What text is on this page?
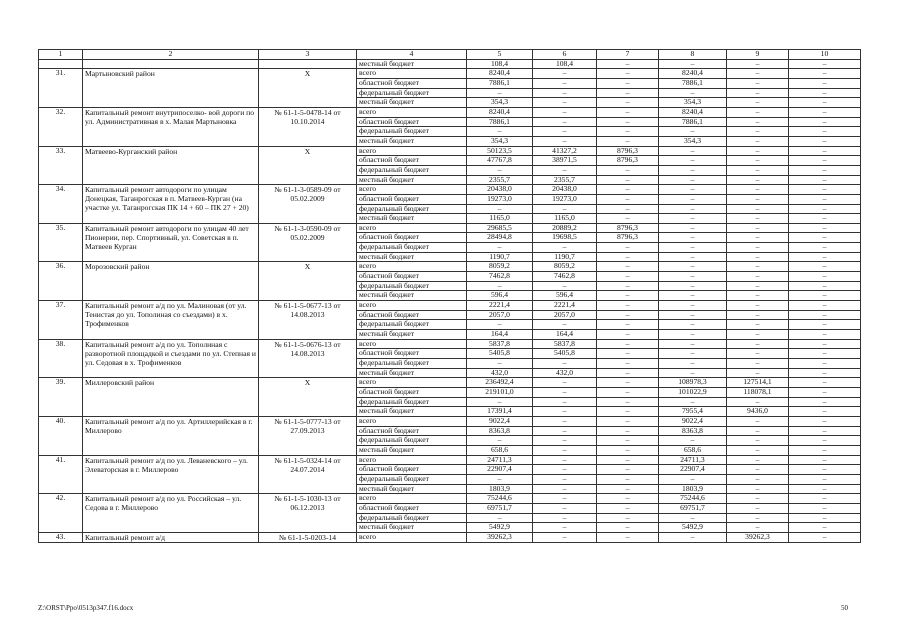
1	2	3	4	5	6	7	8	9	10
			местный бюджет	108,4	108,4	–	–	–	–
31.	Мартыновский район	X	всего	8240,4	–	–	8240,4	–	–
			областной бюджет	7886,1	–	–	7886,1	–	–
			федеральный бюджет	–	–	–	–	–	–
			местный бюджет	354,3	–	–	354,3	–	–
32.	Капитальный ремонт внутрипоселко- вой дороги по ул. Административная в х. Малая Мартыновка	№ 61-1-5-0478-14 от 10.10.2014	всего	8240,4	–	–	8240,4	–	–
			областной бюджет	7886,1	–	–	7886,1	–	–
			федеральный бюджет	–	–	–	–	–	–
			местный бюджет	354,3	–	–	354,3	–	–
33.	Матвеево-Курганский район	X	всего	50123,5	41327,2	8796,3	–	–	–
			областной бюджет	47767,8	38971,5	8796,3	–	–	–
			федеральный бюджет	–	–	–	–	–	–
			местный бюджет	2355,7	2355,7	–	–	–	–
34.	Капитальный ремонт автодороги по улицам Донецкая, Таганрогская в п. Матвеев-Курган (на участке ул. Таганрогская ПК 14 + 60 – ПК 27 + 20)	№ 61-1-3-0589-09 от 05.02.2009	всего	20438,0	20438,0	–	–	–	–
			областной бюджет	19273,0	19273,0	–	–	–	–
			федеральный бюджет	–	–	–	–	–	–
			местный бюджет	1165,0	1165,0	–	–	–	–
35.	Капитальный ремонт автодороги по улицам 40 лет Пионерии, пер. Спортивный, ул. Советская в п. Матвеев Курган	№ 61-1-3-0590-09 от 05.02.2009	всего	29685,5	20889,2	8796,3	–	–	–
			областной бюджет	28494,8	19698,5	8796,3	–	–	–
			федеральный бюджет	–	–	–	–	–	–
			местный бюджет	1190,7	1190,7	–	–	–	–
36.	Морозовский район	X	всего	8059,2	8059,2	–	–	–	–
			областной бюджет	7462,8	7462,8	–	–	–	–
			федеральный бюджет	–	–	–	–	–	–
			местный бюджет	596,4	596,4	–	–	–	–
37.	Капитальный ремонт а/д по ул. Малиновая (от ул. Тенистая до ул. Тополиная со съездами) в х. Трофименков	№ 61-1-5-0677-13 от 14.08.2013	всего	2221,4	2221,4	–	–	–	–
			областной бюджет	2057,0	2057,0	–	–	–	–
			федеральный бюджет	–	–	–	–	–	–
			местный бюджет	164,4	164,4	–	–	–	–
38.	Капитальный ремонт а/д по ул. Тополиная с разворотной площадкой и съездами по ул. Степная и ул. Седовая в х. Трофименков	№ 61-1-5-0676-13 от 14.08.2013	всего	5837,8	5837,8	–	–	–	–
			областной бюджет	5405,8	5405,8	–	–	–	–
			федеральный бюджет	–	–	–	–	–	–
			местный бюджет	432,0	432,0	–	–	–	–
39.	Миллеровский район	X	всего	236492,4	–	–	108978,3	127514,1	–
			областной бюджет	219101,0	–	–	101022,9	118078,1	–
			федеральный бюджет	–	–	–	–	–	–
			местный бюджет	17391,4	–	–	7955,4	9436,0	–
40.	Капитальный ремонт а/д по ул. Артиллерийская в г. Миллерово	№ 61-1-5-0777-13 от 27.09.2013	всего	9022,4	–	–	9022,4	–	–
			областной бюджет	8363,8	–	–	8363,8	–	–
			федеральный бюджет	–	–	–	–	–	–
			местный бюджет	658,6	–	–	658,6	–	–
41.	Капитальный ремонт а/д по ул. Леваневского – ул. Элеваторская в г. Миллерово	№ 61-1-5-0324-14 от 24.07.2014	всего	24711,3	–	–	24711,3	–	–
			областной бюджет	22907,4	–	–	22907,4	–	–
			федеральный бюджет	–	–	–	–	–	–
			местный бюджет	1803,9	–	–	1803,9	–	–
42.	Капитальный ремонт а/д по ул. Российская – ул. Седова в г. Миллерово	№ 61-1-5-1030-13 от 06.12.2013	всего	75244,6	–	–	75244,6	–	–
			областной бюджет	69751,7	–	–	69751,7	–	–
			федеральный бюджет	–	–	–	–	–	–
			местный бюджет	5492,9	–	–	5492,9	–	–
43.	Капитальный ремонт а/д	№ 61-1-5-0203-14	всего	39262,3	–	–	–	39262,3	–
Z:\ORST\Ppo\0513p347.f16.docx	50
